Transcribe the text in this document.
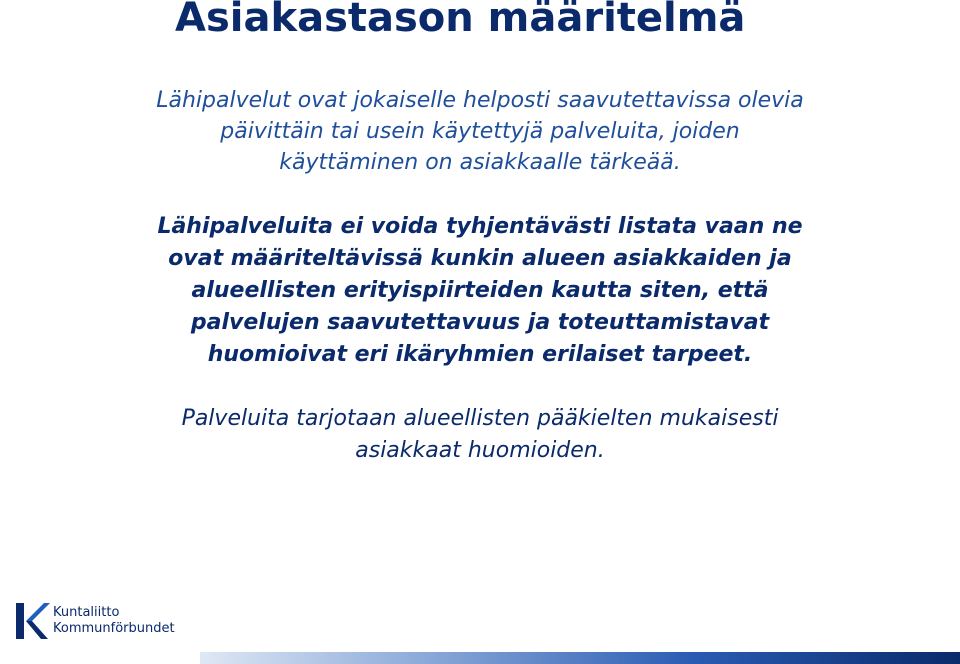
Asiakastason määritelmä

Lähipalvelut ovat jokaiselle helposti saavutettavissa olevia
päivittäin tai usein käytettyjä palveluita, joiden
käyttäminen on asiakkaalle tärkeää.

Lähipalveluita ei voida tyhjentävästi listata vaan ne
ovat määriteltävissä kunkin alueen asiakkaiden ja
alueellisten erityispiirteiden kautta siten, että
palvelujen saavutettavuus ja toteuttamistavat
huomioivat eri ikäryhmien erilaiset tarpeet.

Palveluita tarjotaan alueellisten pääkielten mukaisesti
asiakkaat huomioiden.

Kuntaliitto
Kommunförbundet
